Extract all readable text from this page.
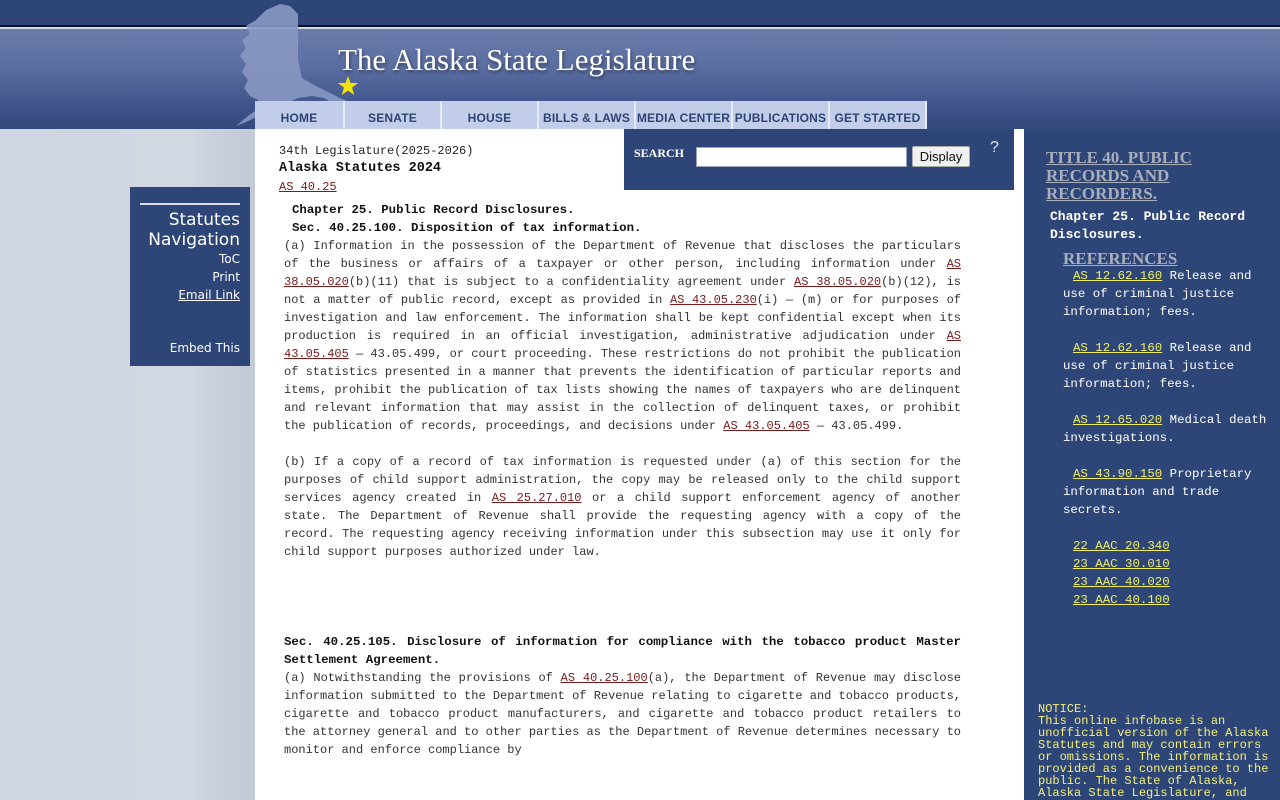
The Alaska State Legislature
HOME	SENATE	HOUSE	BILLS & LAWS MEDIA CENTER PUBLICATIONS GET STARTED
Statutes
Navigation
ToC
Print
Email Link
Embed This
34th Legislature(2025-2026)
Alaska Statutes 2024
AS 40.25
SEARCH	Display
?
Chapter 25. Public Record Disclosures.
Sec. 40.25.100. Disposition of tax information.

(a) Information in the possession of the Department of Revenue that discloses the particulars of the business or affairs of a taxpayer or other person, including information under AS 38.05.020(b)(11) that is subject to a confidentiality agreement under AS 38.05.020(b)(12), is not a matter of public record, except as provided in AS 43.05.230(i) — (m) or for purposes of investigation and law enforcement. The information shall be kept confidential except when its production is required in an official investigation, administrative adjudication under AS 43.05.405 — 43.05.499, or court proceeding. These restrictions do not prohibit the publication of statistics presented in a manner that prevents the identification of particular reports and items, prohibit the publication of tax lists showing the names of taxpayers who are delinquent and relevant information that may assist in the collection of delinquent taxes, or prohibit the publication of records, proceedings, and decisions under AS 43.05.405 — 43.05.499.

(b) If a copy of a record of tax information is requested under (a) of this section for the purposes of child support administration, the copy may be released only to the child support services agency created in AS 25.27.010 or a child support enforcement agency of another state. The Department of Revenue shall provide the requesting agency with a copy of the record. The requesting agency receiving information under this subsection may use it only for child support purposes authorized under law.

Sec. 40.25.105. Disclosure of information for compliance with the tobacco product Master Settlement Agreement.

(a) Notwithstanding the provisions of AS 40.25.100(a), the Department of Revenue may disclose information submitted to the Department of Revenue relating to cigarette and tobacco products, cigarette and tobacco product manufacturers, and cigarette and tobacco product retailers to the attorney general and to other parties as the Department of Revenue determines necessary to monitor and enforce compliance by

TITLE 40. PUBLIC RECORDS AND RECORDERS.
Chapter 25. Public Record Disclosures.
REFERENCES
AS 12.62.160 Release and use of criminal justice information; fees.
AS 12.62.160 Release and use of criminal justice information; fees.
AS 12.65.020 Medical death investigations.
AS 43.90.150 Proprietary information and trade secrets.
22 AAC 20.340
23 AAC 30.010
23 AAC 40.020
23 AAC 40.100
NOTICE:
This online infobase is an unofficial version of the Alaska Statutes and may contain errors or omissions. The information is provided as a convenience to the public. The State of Alaska, Alaska State Legislature, and
